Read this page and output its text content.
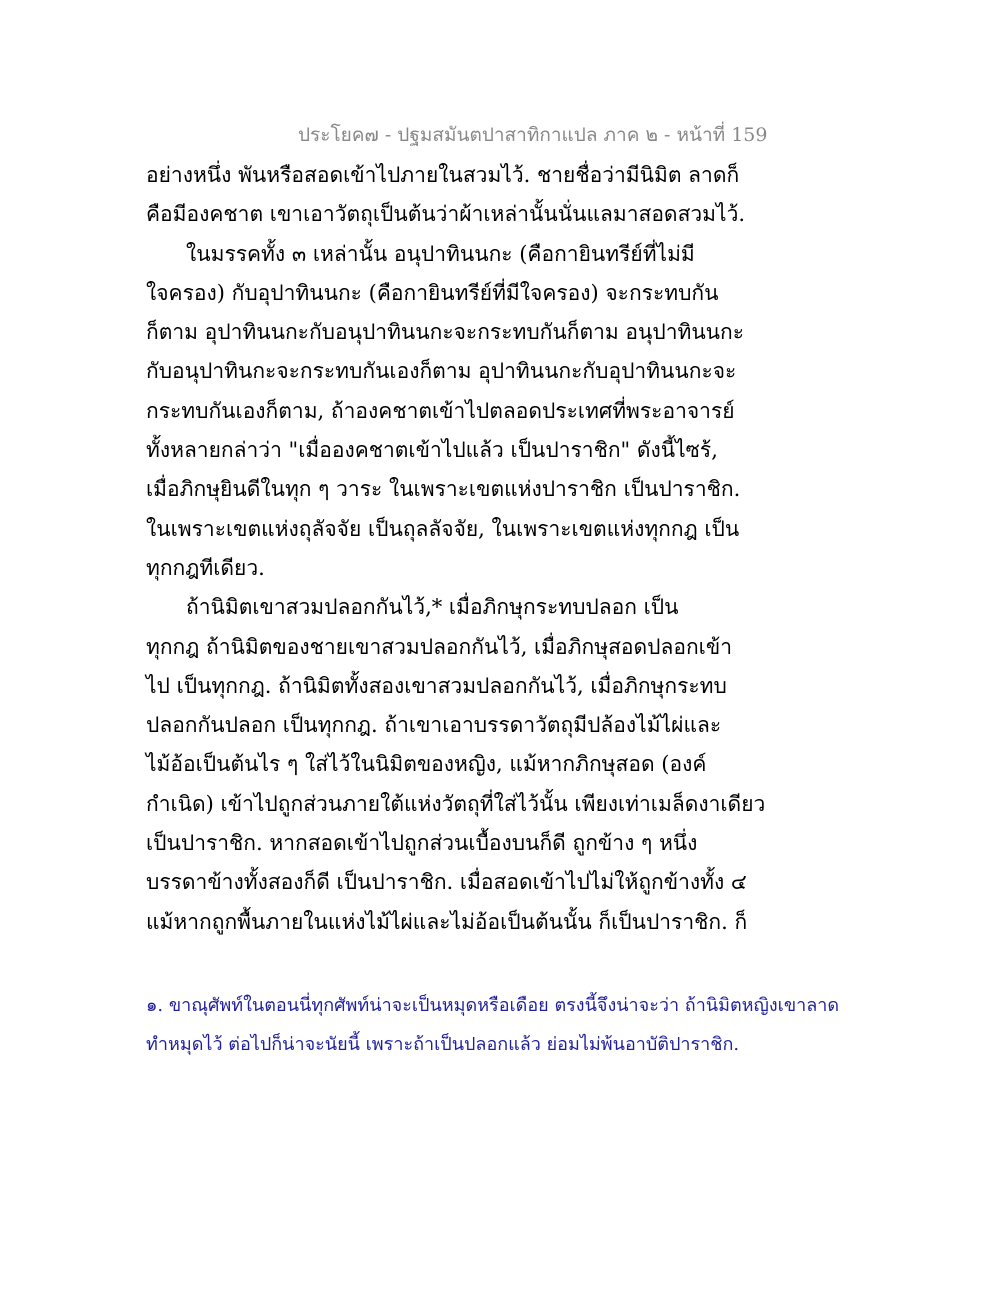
ประโยค๗ - ปฐมสมันตปาสาทิกาแปล ภาค ๒ - หน้าที่ 159
อย่างหนึ่ง พันหรือสอดเข้าไปภายในสวมไว้. ชายชื่อว่ามีนิมิต ลาดก็
คือมีองคชาต เขาเอาวัตถุเป็นต้นว่าผ้าเหล่านั้นนั่นแลมาสอดสวมไว้.
ในมรรคทั้ง ๓ เหล่านั้น อนุปาทินนกะ (คือกายินทรีย์ที่ไม่มี
ใจครอง) กับอุปาทินนกะ (คือกายินทรีย์ที่มีใจครอง) จะกระทบกัน
ก็ตาม อุปาทินนกะกับอนุปาทินนกะจะกระทบกันก็ตาม อนุปาทินนกะ
กับอนุปาทินกะจะกระทบกันเองก็ตาม อุปาทินนกะกับอุปาทินนกะจะ
กระทบกันเองก็ตาม, ถ้าองคชาตเข้าไปตลอดประเทศที่พระอาจารย์
ทั้งหลายกล่าว่า "เมื่อองคชาตเข้าไปแล้ว เป็นปาราชิก" ดังนี้ไซร้,
เมื่อภิกษุยินดีในทุก ๆ วาระ ในเพราะเขตแห่งปาราชิก เป็นปาราชิก.
ในเพราะเขตแห่งถุลัจจัย เป็นถุลลัจจัย, ในเพราะเขตแห่งทุกกฎ เป็น
ทุกกฎทีเดียว.
ถ้านิมิตเขาสวมปลอกกันไว้,* เมื่อภิกษุกระทบปลอก เป็น
ทุกกฎ ถ้านิมิตของชายเขาสวมปลอกกันไว้, เมื่อภิกษุสอดปลอกเข้า
ไป เป็นทุกกฎ. ถ้านิมิตทั้งสองเขาสวมปลอกกันไว้, เมื่อภิกษุกระทบ
ปลอกกันปลอก เป็นทุกกฎ. ถ้าเขาเอาบรรดาวัตถุมีปล้องไม้ไผ่และ
ไม้อ้อเป็นต้นไร ๆ ใส่ไว้ในนิมิตของหญิง, แม้หากภิกษุสอด (องค์
กำเนิด) เข้าไปถูกส่วนภายใต้แห่งวัตถุที่ใส่ไว้นั้น เพียงเท่าเมล็ดงาเดียว
เป็นปาราชิก. หากสอดเข้าไปถูกส่วนเบื้องบนก็ดี ถูกข้าง ๆ หนึ่ง
บรรดาข้างทั้งสองก็ดี เป็นปาราชิก. เมื่อสอดเข้าไปไม่ให้ถูกข้างทั้ง ๔
แม้หากถูกพื้นภายในแห่งไม้ไผ่และไม่อ้อเป็นต้นนั้น ก็เป็นปาราชิก. ก็
๑. ขาณุศัพท์ในตอนนี่ทุกศัพท์น่าจะเป็นหมุดหรือเดือย ตรงนี้จึงน่าจะว่า ถ้านิมิตหญิงเขาลาด
ทำหมุดไว้ ต่อไปก็น่าจะนัยนี้ เพราะถ้าเป็นปลอกแล้ว ย่อมไม่พ้นอาบัติปาราชิก.
